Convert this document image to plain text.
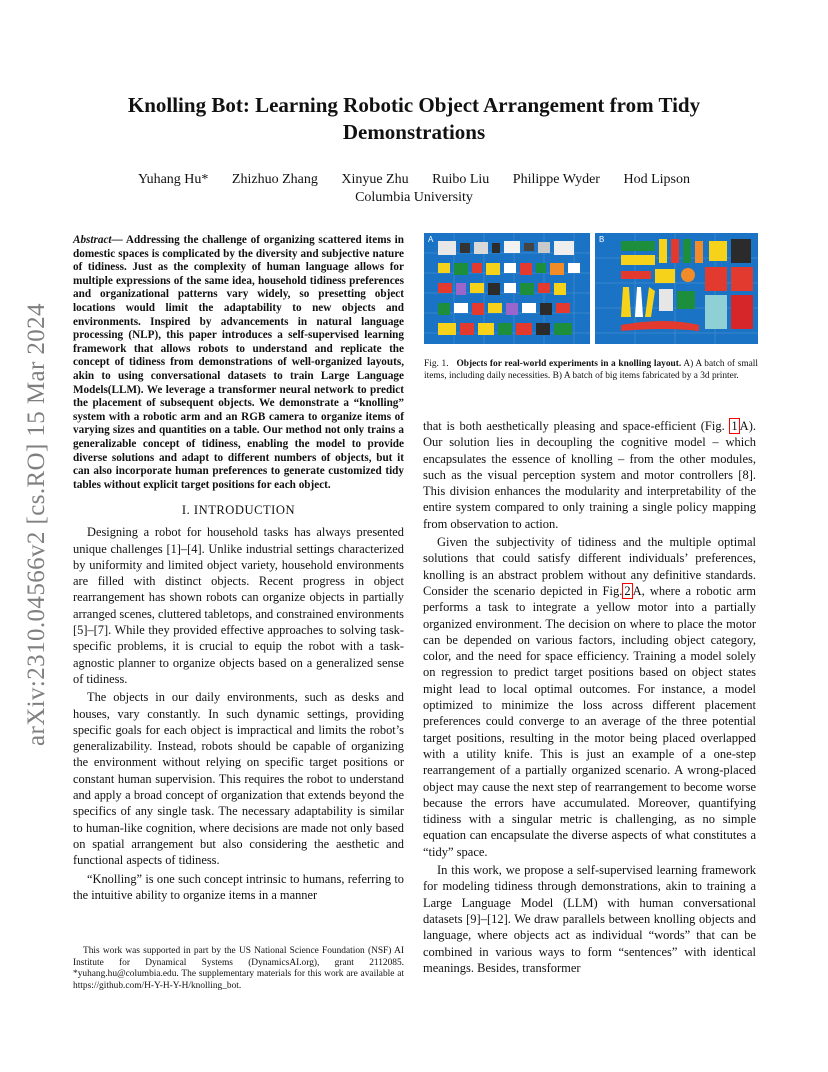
arXiv:2310.04566v2 [cs.RO] 15 Mar 2024
Knolling Bot: Learning Robotic Object Arrangement from Tidy Demonstrations
Yuhang Hu* Zhizhuo Zhang Xinyue Zhu Ruibo Liu Philippe Wyder Hod Lipson
Columbia University

Abstract— Addressing the challenge of organizing scattered items in domestic spaces is complicated by the diversity and subjective nature of tidiness. Just as the complexity of human language allows for multiple expressions of the same idea, household tidiness preferences and organizational patterns vary widely, so presetting object locations would limit the adaptability to new objects and environments. Inspired by advancements in natural language processing (NLP), this paper introduces a self-supervised learning framework that allows robots to understand and replicate the concept of tidiness from demonstrations of well-organized layouts, akin to using conversational datasets to train Large Language Models(LLM). We leverage a transformer neural network to predict the placement of subsequent objects. We demonstrate a “knolling” system with a robotic arm and an RGB camera to organize items of varying sizes and quantities on a table. Our method not only trains a generalizable concept of tidiness, enabling the model to provide diverse solutions and adapt to different numbers of objects, but it can also incorporate human preferences to generate customized tidy tables without explicit target positions for each object.

I. INTRODUCTION

Designing a robot for household tasks has always presented unique challenges [1]–[4]. Unlike industrial settings characterized by uniformity and limited object variety, household environments are filled with distinct objects. Recent progress in object rearrangement has shown robots can organize objects in partially arranged scenes, cluttered tabletops, and constrained environments [5]–[7]. While they provided effective approaches to solving task-specific problems, it is crucial to equip the robot with a task-agnostic planner to organize objects based on a generalized sense of tidiness.

The objects in our daily environments, such as desks and houses, vary constantly. In such dynamic settings, providing specific goals for each object is impractical and limits the robot’s generalizability. Instead, robots should be capable of organizing the environment without relying on specific target positions or constant human supervision. This requires the robot to understand and apply a broad concept of organization that extends beyond the specifics of any single task. The necessary adaptability is similar to human-like cognition, where decisions are made not only based on spatial arrangement but also considering the aesthetic and functional aspects of tidiness.

“Knolling” is one such concept intrinsic to humans, referring to the intuitive ability to organize items in a manner

This work was supported in part by the US National Science Foundation (NSF) AI Institute for Dynamical Systems (DynamicsAI.org), grant 2112085. *yuhang.hu@columbia.edu. The supplementary materials for this work are available at https://github.com/H-Y-H-Y-H/knolling_bot.

A	B

Fig. 1. Objects for real-world experiments in a knolling layout. A) A batch of small items, including daily necessities. B) A batch of big items fabricated by a 3d printer.

that is both aesthetically pleasing and space-efficient (Fig. 1 A). Our solution lies in decoupling the cognitive model – which encapsulates the essence of knolling – from the other modules, such as the visual perception system and motor controllers [8]. This division enhances the modularity and interpretability of the entire system compared to only training a single policy mapping from observation to action.

Given the subjectivity of tidiness and the multiple optimal solutions that could satisfy different individuals’ preferences, knolling is an abstract problem without any definitive standards. Consider the scenario depicted in Fig. 2 A, where a robotic arm performs a task to integrate a yellow motor into a partially organized environment. The decision on where to place the motor can be depended on various factors, including object category, color, and the need for space efficiency. Training a model solely on regression to predict target positions based on object states might lead to local optimal outcomes. For instance, a model optimized to minimize the loss across different placement preferences could converge to an average of the three potential target positions, resulting in the motor being placed overlapped with a utility knife. This is just an example of a one-step rearrangement of a partially organized scenario. A wrong-placed object may cause the next step of rearrangement to become worse because the errors have accumulated. Moreover, quantifying tidiness with a singular metric is challenging, as no simple equation can encapsulate the diverse aspects of what constitutes a “tidy” space.

In this work, we propose a self-supervised learning framework for modeling tidiness through demonstrations, akin to training a Large Language Model (LLM) with human conversational datasets [9]–[12]. We draw parallels between knolling objects and language, where objects act as individual “words” that can be combined in various ways to form “sentences” with identical meanings. Besides, transformer
